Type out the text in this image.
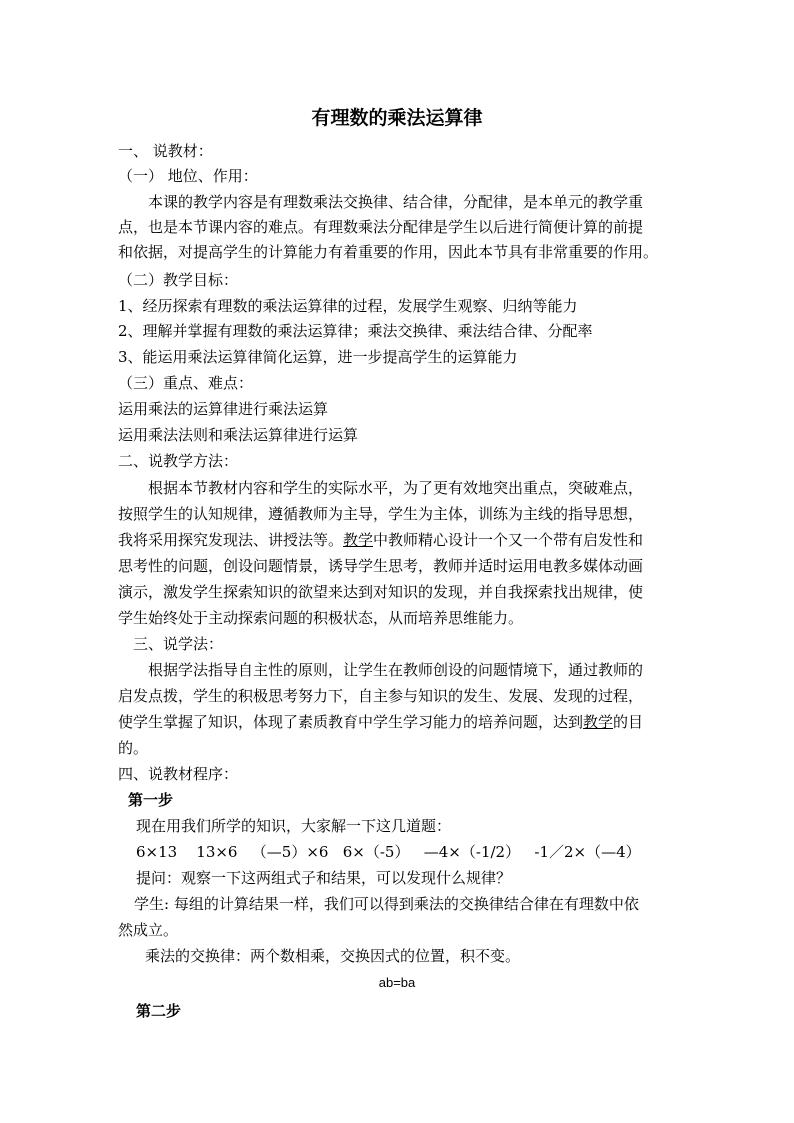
有理数的乘法运算律
一、 说教材：
（一） 地位、作用：
本课的教学内容是有理数乘法交换律、结合律，分配律，是本单元的教学重
点，也是本节课内容的难点。有理数乘法分配律是学生以后进行简便计算的前提
和依据，对提高学生的计算能力有着重要的作用，因此本节具有非常重要的作用。
（二）教学目标：
1、经历探索有理数的乘法运算律的过程，发展学生观察、归纳等能力
2、理解并掌握有理数的乘法运算律；乘法交换律、乘法结合律、分配率
3、能运用乘法运算律简化运算，进一步提高学生的运算能力
（三）重点、难点：
运用乘法的运算律进行乘法运算
运用乘法法则和乘法运算律进行运算
二、说教学方法：
根据本节教材内容和学生的实际水平，为了更有效地突出重点，突破难点，
按照学生的认知规律，遵循教师为主导，学生为主体，训练为主线的指导思想，
我将采用探究发现法、讲授法等。教学中教师精心设计一个又一个带有启发性和
思考性的问题，创设问题情景，诱导学生思考，教师并适时运用电教多媒体动画
演示，激发学生探索知识的欲望来达到对知识的发现，并自我探索找出规律，使
学生始终处于主动探索问题的积极状态，从而培养思维能力。
三、说学法：
根据学法指导自主性的原则，让学生在教师创设的问题情境下，通过教师的
启发点拨，学生的积极思考努力下，自主参与知识的发生、发展、发现的过程，
使学生掌握了知识，体现了素质教育中学生学习能力的培养问题，达到教学的目
的。
四、说教材程序：
第一步
现在用我们所学的知识，大家解一下这几道题：
6×13    13×6   （—5）×6   6×（-5）   —4×（-1/2）   -1／2×（—4）
提问：观察一下这两组式子和结果，可以发现什么规律？
学生: 每组的计算结果一样，我们可以得到乘法的交换律结合律在有理数中依
然成立。
乘法的交换律：两个数相乘，交换因式的位置，积不变。
ab=ba
第二步
